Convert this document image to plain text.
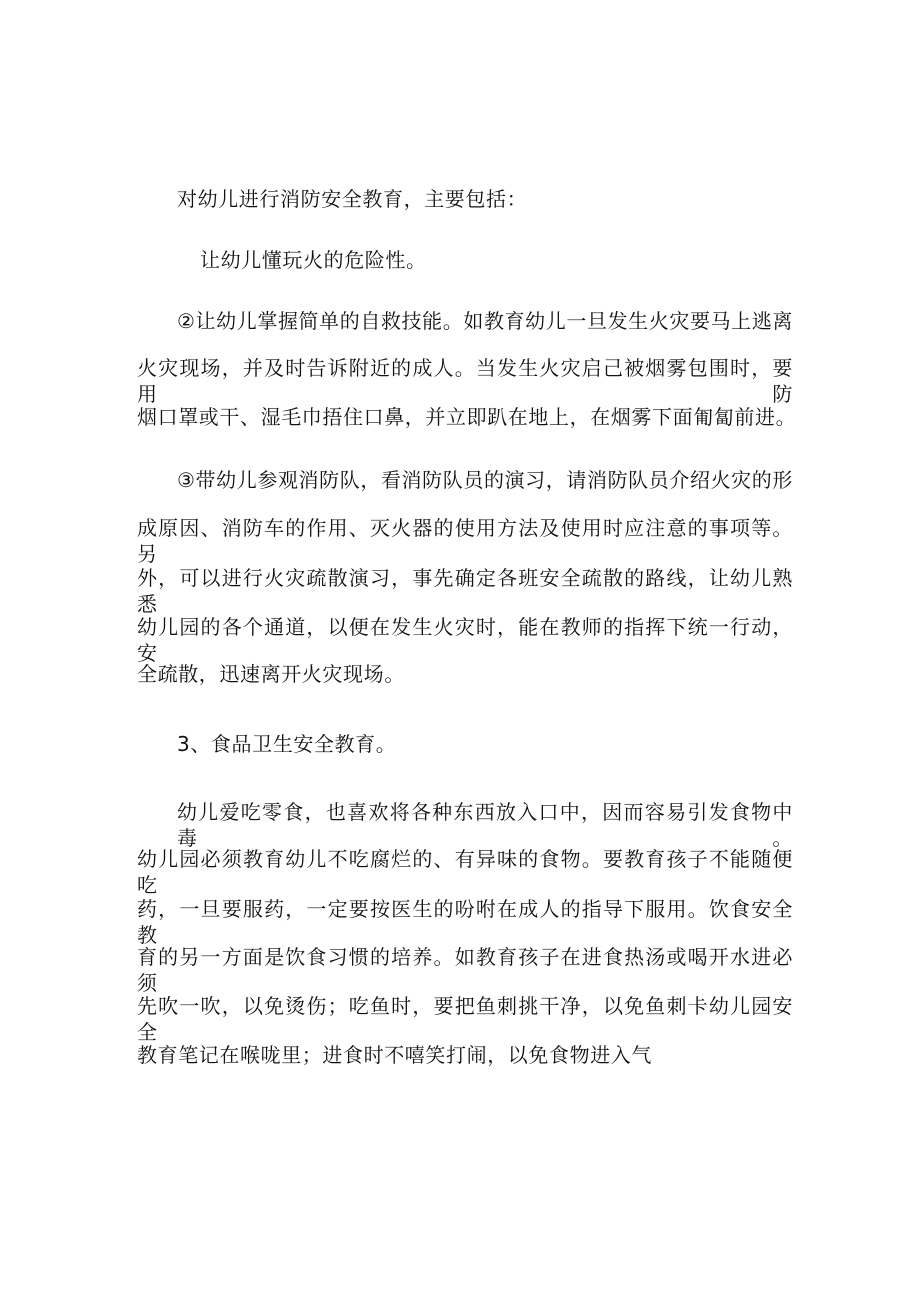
对幼儿进行消防安全教育，主要包括：
让幼儿懂玩火的危险性。
②让幼儿掌握简单的自救技能。如教育幼儿一旦发生火灾要马上逃离
火灾现场，并及时告诉附近的成人。当发生火灾启己被烟雾包围时，要用防
烟口罩或干、湿毛巾捂住口鼻，并立即趴在地上，在烟雾下面匍匐前进。
③带幼儿参观消防队，看消防队员的演习，请消防队员介绍火灾的形
成原因、消防车的作用、灭火器的使用方法及使用时应注意的事项等。另
外，可以进行火灾疏散演习，事先确定各班安全疏散的路线，让幼儿熟悉
幼儿园的各个通道，以便在发生火灾时，能在教师的指挥下统一行动，安
全疏散，迅速离开火灾现场。
3、食品卫生安全教育。
幼儿爱吃零食，也喜欢将各种东西放入口中，因而容易引发食物中毒。
幼儿园必须教育幼儿不吃腐烂的、有异味的食物。要教育孩子不能随便吃
药，一旦要服药，一定要按医生的吩咐在成人的指导下服用。饮食安全教
育的另一方面是饮食习惯的培养。如教育孩子在进食热汤或喝开水进必须
先吹一吹，以免烫伤；吃鱼时，要把鱼刺挑干净，以免鱼刺卡幼儿园安全
教育笔记在喉咙里；进食时不嘻笑打闹，以免食物进入气
